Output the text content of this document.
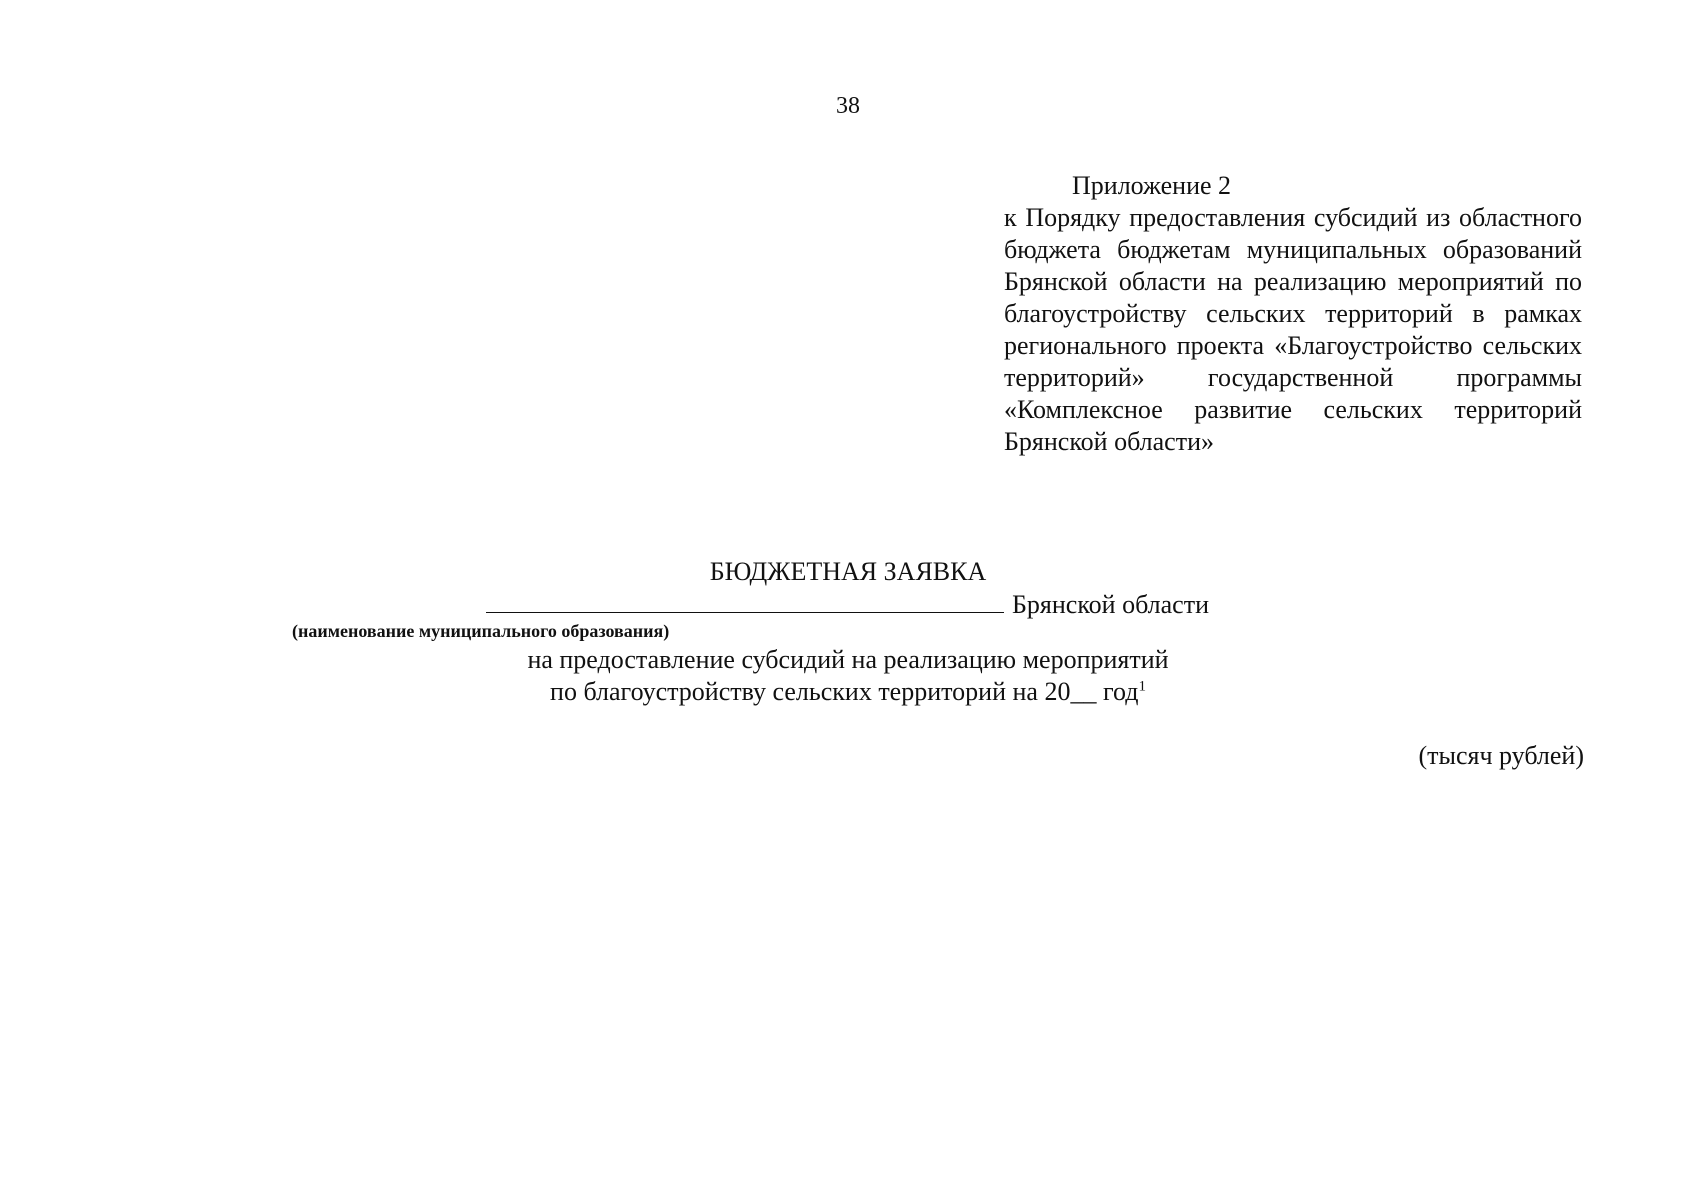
38
Приложение 2

к Порядку предоставления субсидий из областного бюджета бюджетам муниципальных образований Брянской области на реализацию мероприятий по благоустройству сельских территорий в рамках регионального проекта «Благоустройство сельских территорий» государственной программы «Комплексное развитие сельских территорий Брянской области»

БЮДЖЕТНАЯ ЗАЯВКА
Брянской области
(наименование муниципального образования)
на предоставление субсидий на реализацию мероприятий
по благоустройству сельских территорий на 20__ год$^1$
(тысяч рублей)
